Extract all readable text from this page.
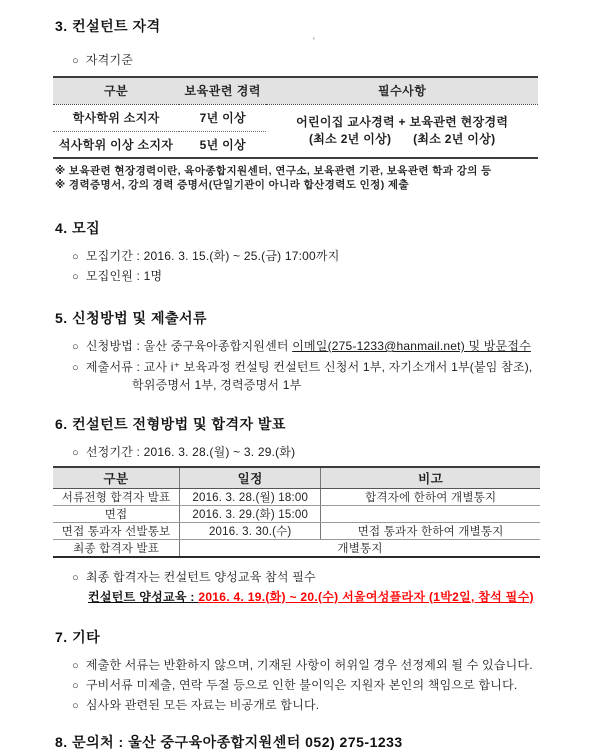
'
3. 컨설턴트 자격
○ 자격기준
구분	보육관련 경력	필수사항
학사학위 소지자	7년 이상	어린이집 교사경력 + 보육관련 현장경력
(최소 2년 이상)      (최소 2년 이상)

석사학위 이상 소지자	5년 이상	
※ 보육관련 현장경력이란, 육아종합지원센터, 연구소, 보육관련 기관, 보육관련 학과 강의 등
※ 경력증명서, 강의 경력 증명서(단일기관이 아니라 합산경력도 인정) 제출
4. 모집
○ 모집기간 : 2016. 3. 15.(화) ~ 25.(금) 17:00까지
○ 모집인원 : 1명
5. 신청방법 및 제출서류
○ 신청방법 : 울산 중구육아종합지원센터 이메일(275-1233@hanmail.net) 및 방문접수
○ 제출서류 : 교사 i⁺ 보육과정 컨설팅 컨설턴트 신청서 1부, 자기소개서 1부(붙임 참조),
학위증명서 1부, 경력증명서 1부
6. 컨설턴트 전형방법 및 합격자 발표
○ 선정기간 : 2016. 3. 28.(월) ~ 3. 29.(화)
구분	일정	비고
서류전형 합격자 발표	2016. 3. 28.(월) 18:00	합격자에 한하여 개별통지
면접	2016. 3. 29.(화) 15:00	
면접 통과자 선발통보	2016. 3. 30.(수)	면접 통과자 한하여 개별통지
최종 합격자 발표	개별통지	
○ 최종 합격자는 컨설턴트 양성교육 참석 필수
컨설턴트 양성교육 : 2016. 4. 19.(화) ~ 20.(수) 서울여성플라자 (1박2일, 참석 필수)
7. 기타
○ 제출한 서류는 반환하지 않으며, 기재된 사항이 허위일 경우 선정제외 될 수 있습니다.
○ 구비서류 미제출, 연락 두절 등으로 인한 불이익은 지원자 본인의 책임으로 합니다.
○ 심사와 관련된 모든 자료는 비공개로 합니다.
8. 문의처 : 울산 중구육아종합지원센터 052) 275-1233
